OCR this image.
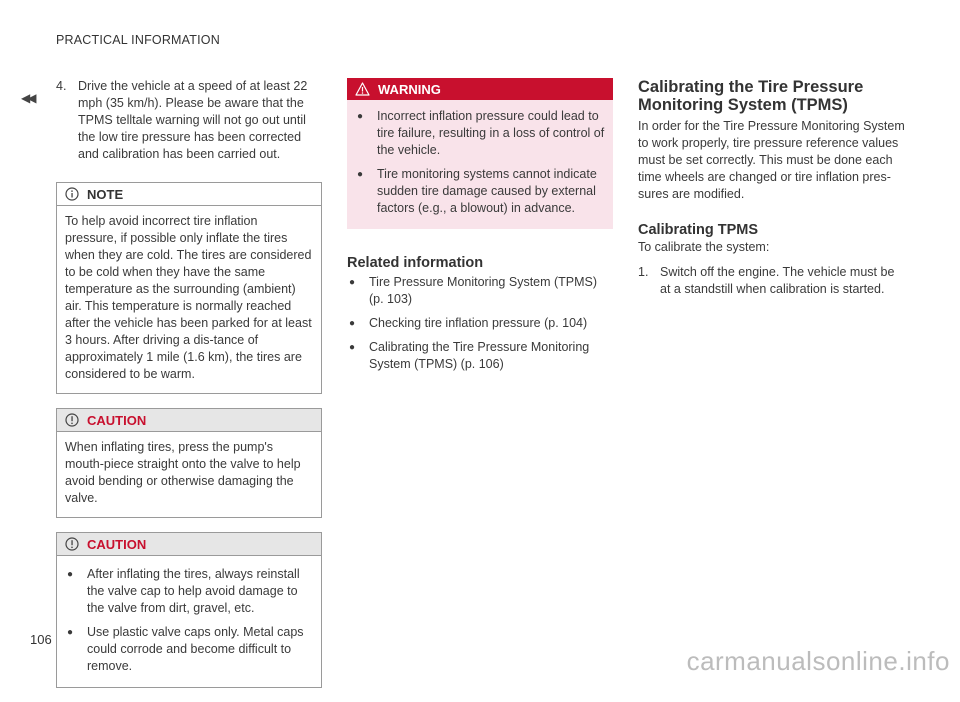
PRACTICAL INFORMATION
◀◀
4. Drive the vehicle at a speed of at least 22 mph (35 km/h). Please be aware that the TPMS telltale warning will not go out until the low tire pressure has been corrected and calibration has been carried out.
NOTE
To help avoid incorrect tire inflation pressure, if possible only inflate the tires when they are cold. The tires are considered to be cold when they have the same temperature as the surrounding (ambient) air. This temperature is normally reached after the vehicle has been parked for at least 3 hours. After driving a dis-tance of approximately 1 mile (1.6 km), the tires are considered to be warm.
CAUTION
When inflating tires, press the pump's mouth-piece straight onto the valve to help avoid bending or otherwise damaging the valve.
CAUTION
●	After inflating the tires, always reinstall the valve cap to help avoid damage to the valve from dirt, gravel, etc.
●	Use plastic valve caps only. Metal caps could corrode and become difficult to remove.
WARNING
●	Incorrect inflation pressure could lead to tire failure, resulting in a loss of control of the vehicle.
●	Tire monitoring systems cannot indicate sudden tire damage caused by external factors (e.g., a blowout) in advance.
Related information
●	Tire Pressure Monitoring System (TPMS) (p. 103)
●	Checking tire inflation pressure (p. 104)
●	Calibrating the Tire Pressure Monitoring System (TPMS) (p. 106)
Calibrating the Tire Pressure Monitoring System (TPMS)
In order for the Tire Pressure Monitoring System to work properly, tire pressure reference values must be set correctly. This must be done each time wheels are changed or tire inflation pres-sures are modified.
Calibrating TPMS
To calibrate the system:
1. Switch off the engine. The vehicle must be at a standstill when calibration is started.
106
carmanualsonline.info
